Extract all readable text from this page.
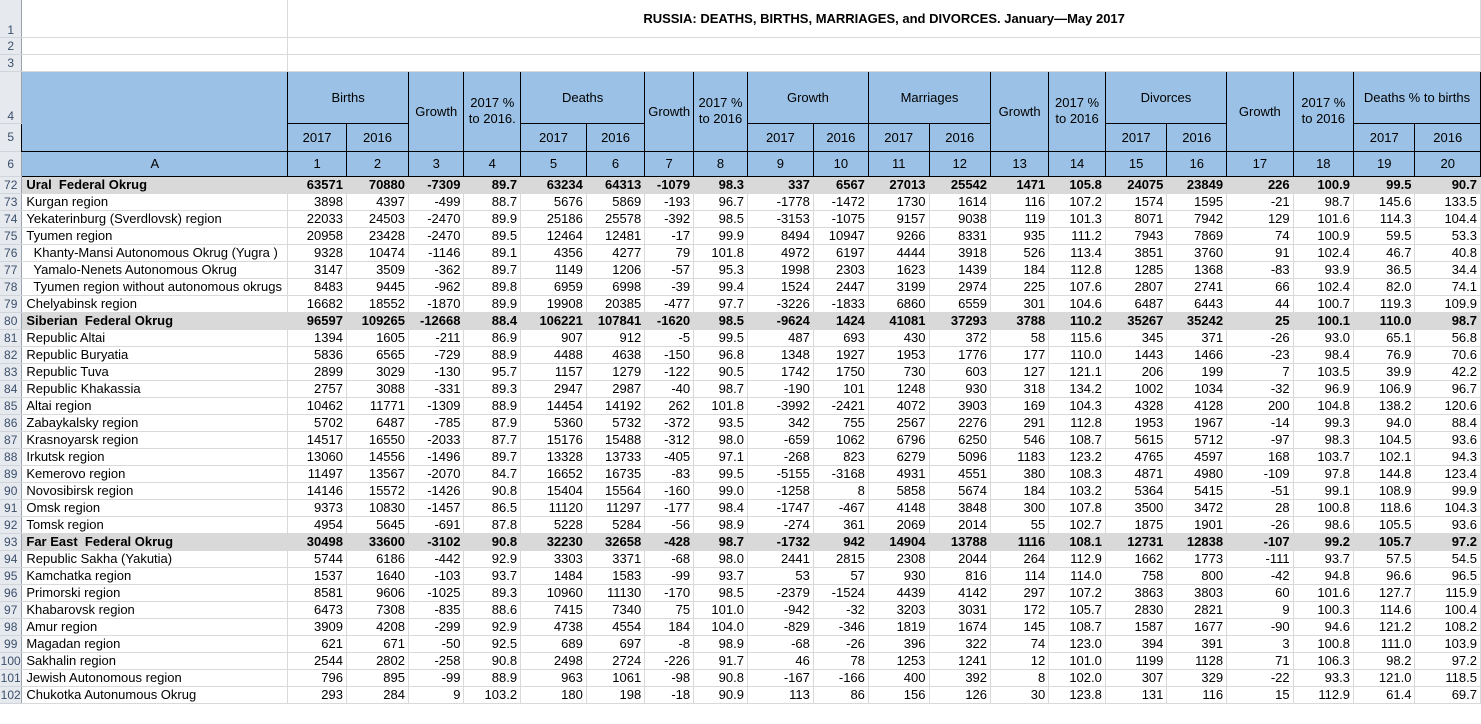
1		RUSSIA: DEATHS, BIRTHS, MARRIAGES, and DIVORCES. January—May 2017																			
2																					
3																					
4		Births		Growth	2017 % to 2016.	Deaths		Growth	2017 % to 2016	Growth		Marriages		Growth	2017 % to 2016	Divorces		Growth	2017 % to 2016	Deaths % to births	
5		2017	2016			2017	2016			2017	2016	2017	2016			2017	2016			2017	2016
6	A	1	2	3	4	5	6	7	8	9	10	11	12	13	14	15	16	17	18	19	20
72	Ural  Federal Okrug	63571	70880	-7309	89.7	63234	64313	-1079	98.3	337	6567	27013	25542	1471	105.8	24075	23849	226	100.9	99.5	90.7
73	Kurgan region	3898	4397	-499	88.7	5676	5869	-193	96.7	-1778	-1472	1730	1614	116	107.2	1574	1595	-21	98.7	145.6	133.5
74	Yekaterinburg (Sverdlovsk) region	22033	24503	-2470	89.9	25186	25578	-392	98.5	-3153	-1075	9157	9038	119	101.3	8071	7942	129	101.6	114.3	104.4
75	Tyumen region	20958	23428	-2470	89.5	12464	12481	-17	99.9	8494	10947	9266	8331	935	111.2	7943	7869	74	100.9	59.5	53.3
76	Khanty-Mansi Autonomous Okrug (Yugra )	9328	10474	-1146	89.1	4356	4277	79	101.8	4972	6197	4444	3918	526	113.4	3851	3760	91	102.4	46.7	40.8
77	Yamalo-Nenets Autonomous Okrug	3147	3509	-362	89.7	1149	1206	-57	95.3	1998	2303	1623	1439	184	112.8	1285	1368	-83	93.9	36.5	34.4
78	Tyumen region without autonomous okrugs	8483	9445	-962	89.8	6959	6998	-39	99.4	1524	2447	3199	2974	225	107.6	2807	2741	66	102.4	82.0	74.1
79	Chelyabinsk region	16682	18552	-1870	89.9	19908	20385	-477	97.7	-3226	-1833	6860	6559	301	104.6	6487	6443	44	100.7	119.3	109.9
80	Siberian  Federal Okrug	96597	109265	-12668	88.4	106221	107841	-1620	98.5	-9624	1424	41081	37293	3788	110.2	35267	35242	25	100.1	110.0	98.7
81	Republic Altai	1394	1605	-211	86.9	907	912	-5	99.5	487	693	430	372	58	115.6	345	371	-26	93.0	65.1	56.8
82	Republic Buryatia	5836	6565	-729	88.9	4488	4638	-150	96.8	1348	1927	1953	1776	177	110.0	1443	1466	-23	98.4	76.9	70.6
83	Republic Tuva	2899	3029	-130	95.7	1157	1279	-122	90.5	1742	1750	730	603	127	121.1	206	199	7	103.5	39.9	42.2
84	Republic Khakassia	2757	3088	-331	89.3	2947	2987	-40	98.7	-190	101	1248	930	318	134.2	1002	1034	-32	96.9	106.9	96.7
85	Altai region	10462	11771	-1309	88.9	14454	14192	262	101.8	-3992	-2421	4072	3903	169	104.3	4328	4128	200	104.8	138.2	120.6
86	Zabaykalsky region	5702	6487	-785	87.9	5360	5732	-372	93.5	342	755	2567	2276	291	112.8	1953	1967	-14	99.3	94.0	88.4
87	Krasnoyarsk region	14517	16550	-2033	87.7	15176	15488	-312	98.0	-659	1062	6796	6250	546	108.7	5615	5712	-97	98.3	104.5	93.6
88	Irkutsk region	13060	14556	-1496	89.7	13328	13733	-405	97.1	-268	823	6279	5096	1183	123.2	4765	4597	168	103.7	102.1	94.3
89	Kemerovo region	11497	13567	-2070	84.7	16652	16735	-83	99.5	-5155	-3168	4931	4551	380	108.3	4871	4980	-109	97.8	144.8	123.4
90	Novosibirsk region	14146	15572	-1426	90.8	15404	15564	-160	99.0	-1258	8	5858	5674	184	103.2	5364	5415	-51	99.1	108.9	99.9
91	Omsk region	9373	10830	-1457	86.5	11120	11297	-177	98.4	-1747	-467	4148	3848	300	107.8	3500	3472	28	100.8	118.6	104.3
92	Tomsk region	4954	5645	-691	87.8	5228	5284	-56	98.9	-274	361	2069	2014	55	102.7	1875	1901	-26	98.6	105.5	93.6
93	Far East  Federal Okrug	30498	33600	-3102	90.8	32230	32658	-428	98.7	-1732	942	14904	13788	1116	108.1	12731	12838	-107	99.2	105.7	97.2
94	Republic Sakha (Yakutia)	5744	6186	-442	92.9	3303	3371	-68	98.0	2441	2815	2308	2044	264	112.9	1662	1773	-111	93.7	57.5	54.5
95	Kamchatka region	1537	1640	-103	93.7	1484	1583	-99	93.7	53	57	930	816	114	114.0	758	800	-42	94.8	96.6	96.5
96	Primorski region	8581	9606	-1025	89.3	10960	11130	-170	98.5	-2379	-1524	4439	4142	297	107.2	3863	3803	60	101.6	127.7	115.9
97	Khabarovsk region	6473	7308	-835	88.6	7415	7340	75	101.0	-942	-32	3203	3031	172	105.7	2830	2821	9	100.3	114.6	100.4
98	Amur region	3909	4208	-299	92.9	4738	4554	184	104.0	-829	-346	1819	1674	145	108.7	1587	1677	-90	94.6	121.2	108.2
99	Magadan region	621	671	-50	92.5	689	697	-8	98.9	-68	-26	396	322	74	123.0	394	391	3	100.8	111.0	103.9
100	Sakhalin region	2544	2802	-258	90.8	2498	2724	-226	91.7	46	78	1253	1241	12	101.0	1199	1128	71	106.3	98.2	97.2
101	Jewish Autonomous region	796	895	-99	88.9	963	1061	-98	90.8	-167	-166	400	392	8	102.0	307	329	-22	93.3	121.0	118.5
102	Chukotka Autonumous Okrug	293	284	9	103.2	180	198	-18	90.9	113	86	156	126	30	123.8	131	116	15	112.9	61.4	69.7
